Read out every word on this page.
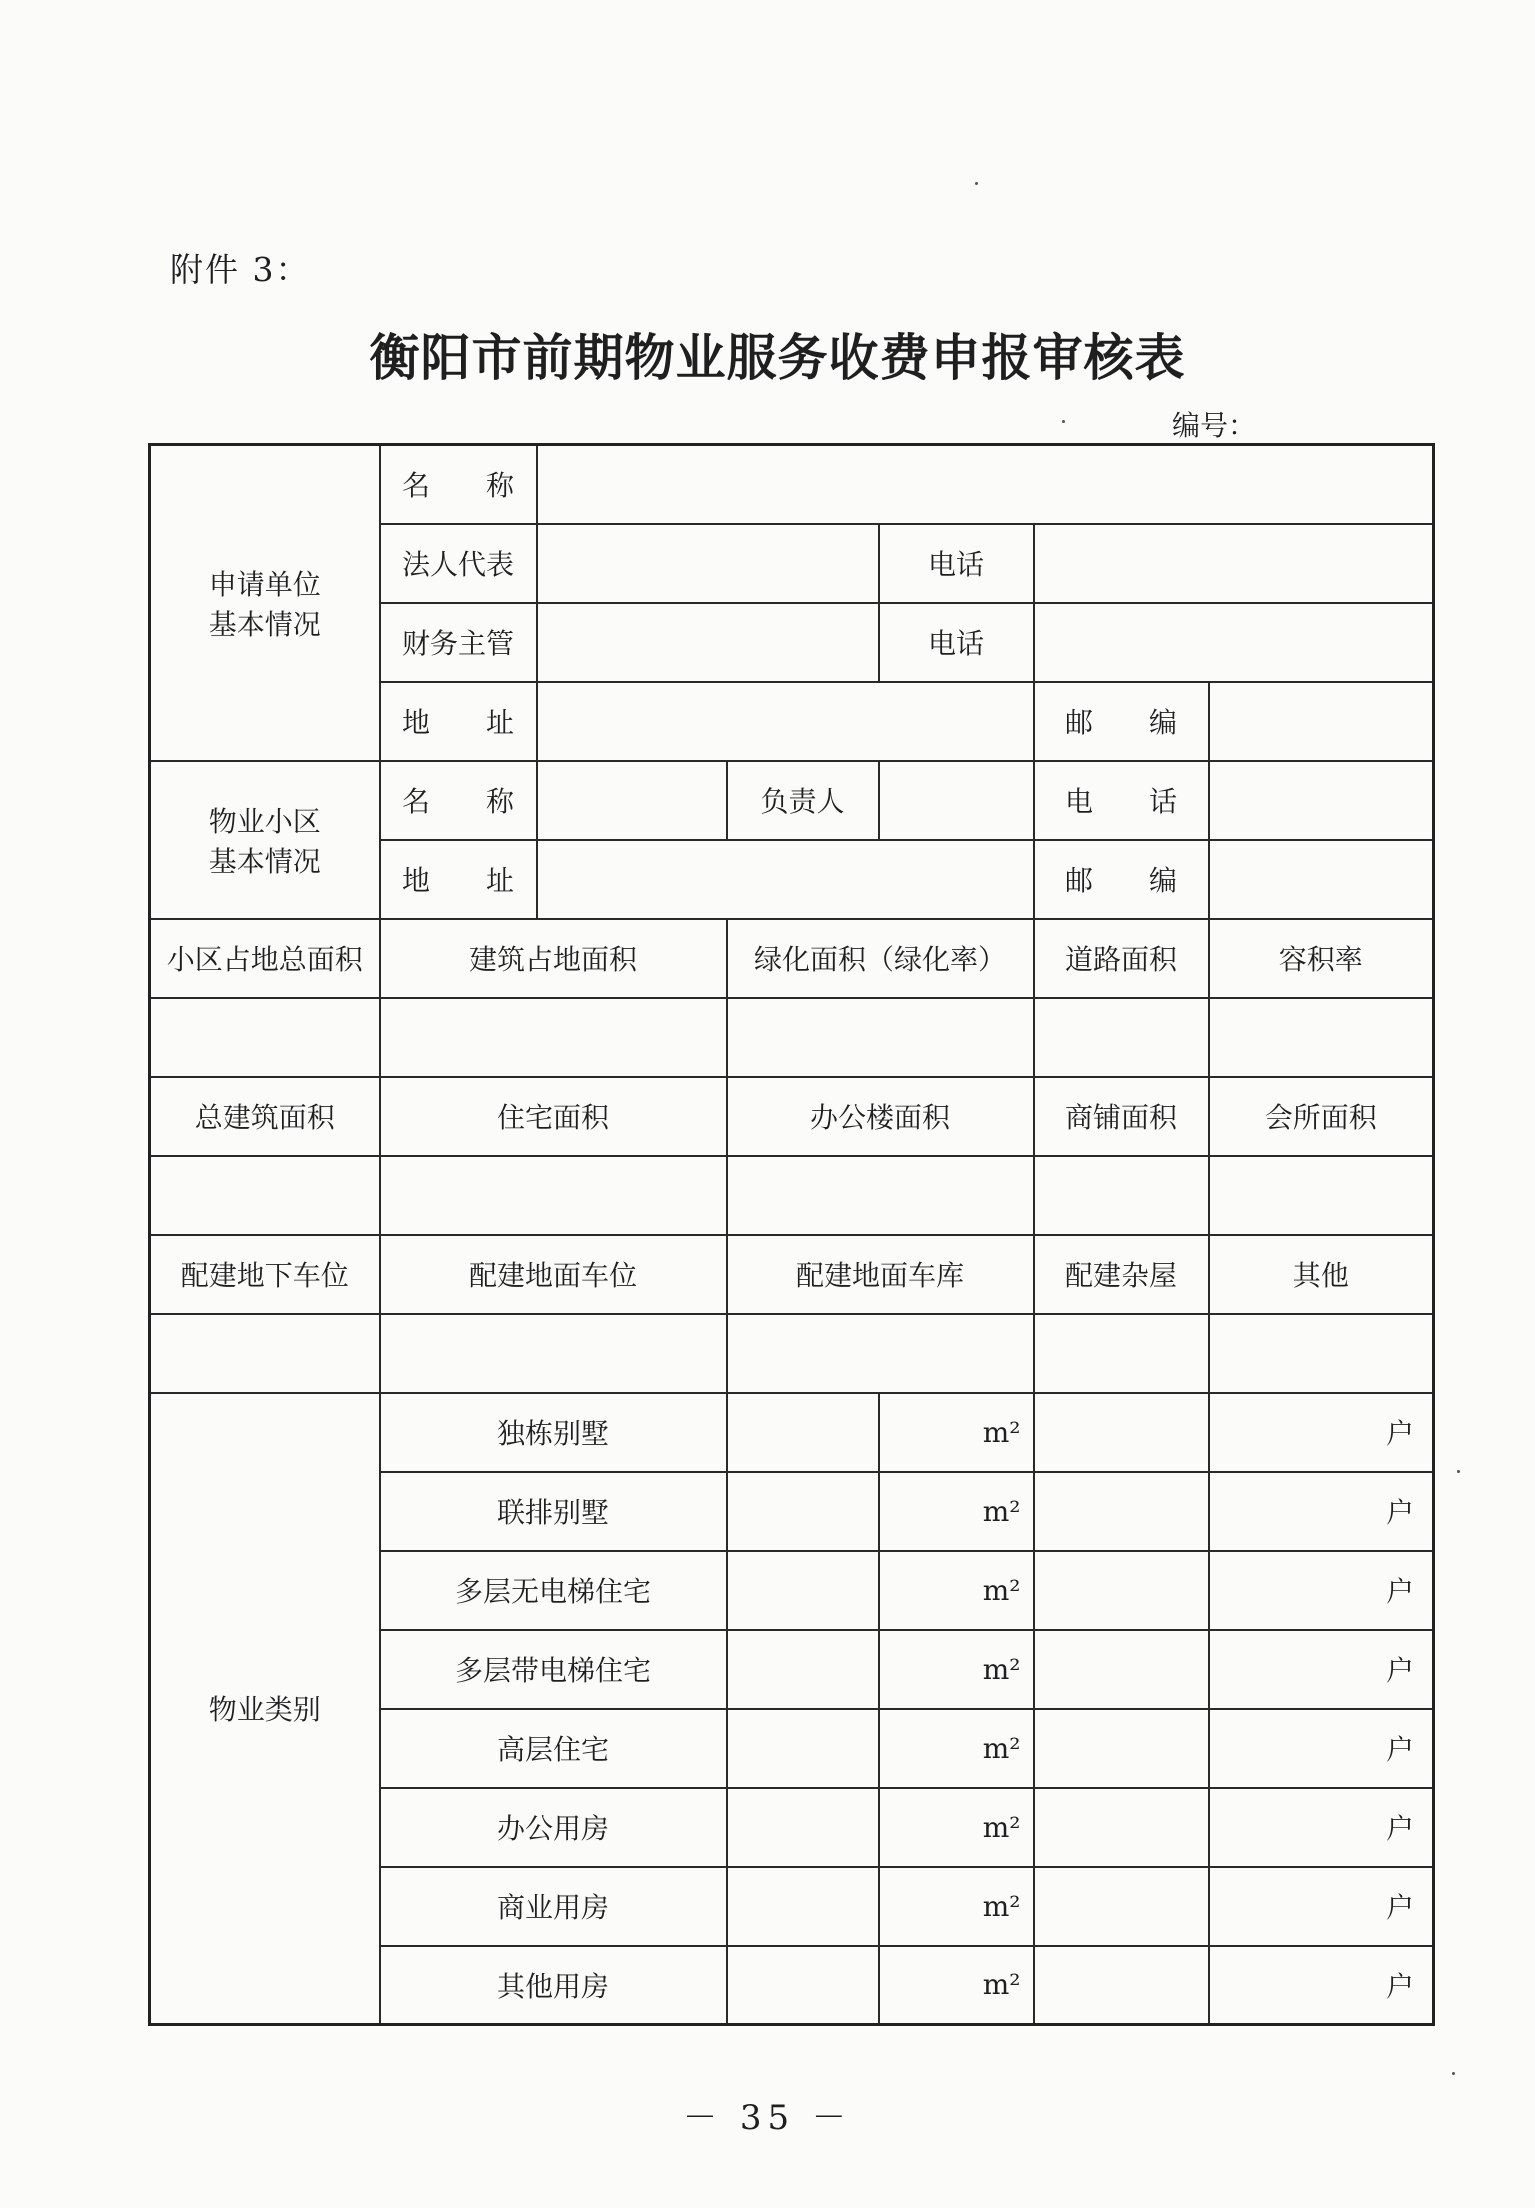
附件 3：
衡阳市前期物业服务收费申报审核表
编号：
申请单位
基本情况	名　　称					
	法人代表			电话		
	财务主管			电话		
	地　　址				邮　　编	

物业小区
基本情况	名　　称		负责人		电　　话	
	地　　址				邮　　编	
小区占地总面积	建筑占地面积		绿化面积（绿化率）		道路面积	容积率

总建筑面积	住宅面积		办公楼面积		商铺面积	会所面积

配建地下车位	配建地面车位		配建地面车库		配建杂屋	其他

物业类别	独栋别墅			m²		户
	联排别墅			m²		户
	多层无电梯住宅			m²		户
	多层带电梯住宅			m²		户
	高层住宅			m²		户
	办公用房			m²		户
	商业用房			m²		户
	其他用房			m²		户
－ 35 －
